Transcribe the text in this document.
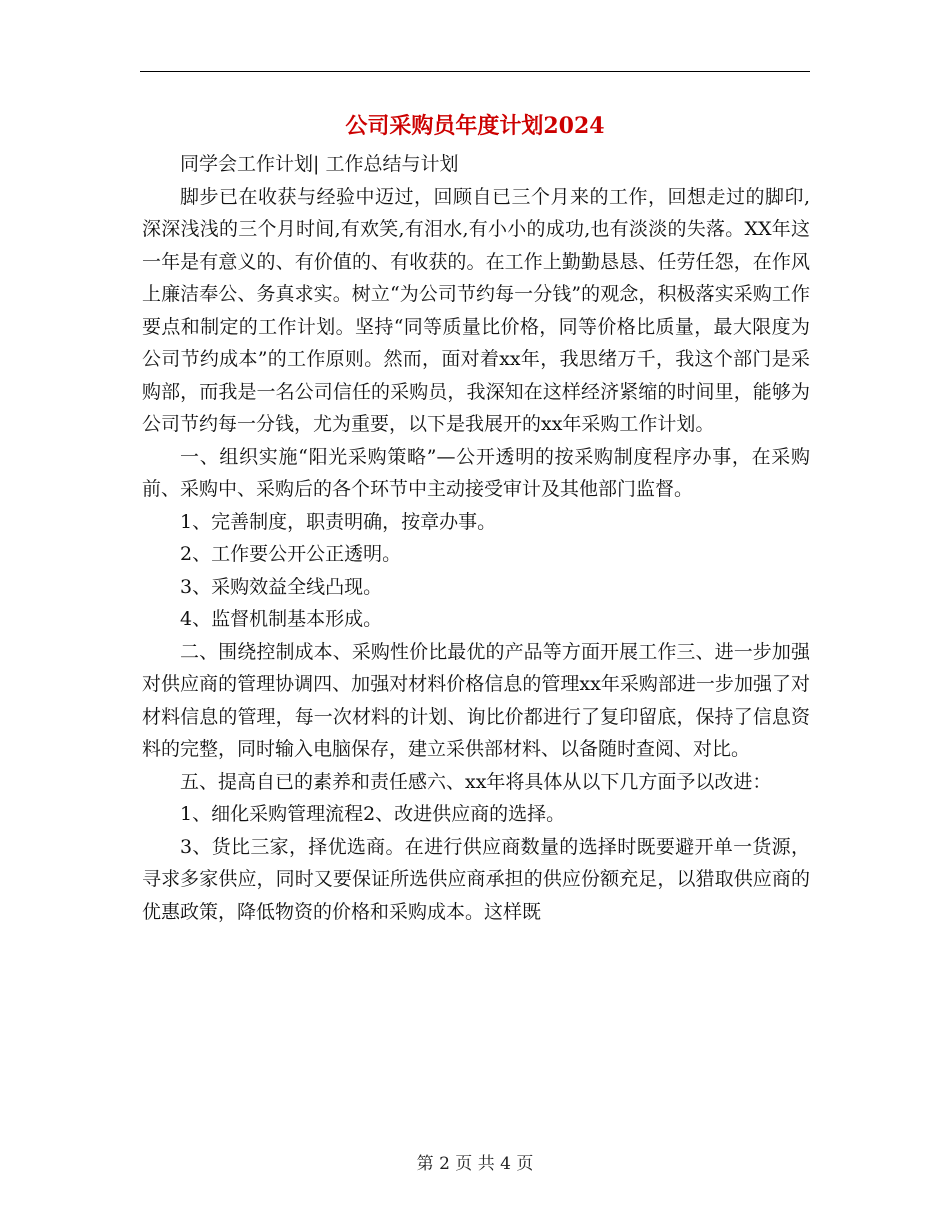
公司采购员年度计划2024

同学会工作计划| 工作总结与计划

脚步已在收获与经验中迈过，回顾自已三个月来的工作，回想走过的脚印,深深浅浅的三个月时间,有欢笑,有泪水,有小小的成功,也有淡淡的失落。XX年这一年是有意义的、有价值的、有收获的。在工作上勤勤恳恳、任劳任怨，在作风上廉洁奉公、务真求实。树立“为公司节约每一分钱”的观念，积极落实采购工作要点和制定的工作计划。坚持“同等质量比价格，同等价格比质量，最大限度为公司节约成本”的工作原则。然而，面对着xx年，我思绪万千，我这个部门是采购部，而我是一名公司信任的采购员，我深知在这样经济紧缩的时间里，能够为公司节约每一分钱，尤为重要，以下是我展开的xx年采购工作计划。

一、组织实施“阳光采购策略”—公开透明的按采购制度程序办事，在采购前、采购中、采购后的各个环节中主动接受审计及其他部门监督。

1、完善制度，职责明确，按章办事。

2、工作要公开公正透明。

3、采购效益全线凸现。

4、监督机制基本形成。

二、围绕控制成本、采购性价比最优的产品等方面开展工作三、进一步加强对供应商的管理协调四、加强对材料价格信息的管理xx年采购部进一步加强了对材料信息的管理，每一次材料的计划、询比价都进行了复印留底，保持了信息资料的完整，同时输入电脑保存，建立采供部材料、以备随时查阅、对比。

五、提高自已的素养和责任感六、xx年将具体从以下几方面予以改进：

1、细化采购管理流程2、改进供应商的选择。

3、货比三家，择优选商。在进行供应商数量的选择时既要避开单一货源，寻求多家供应，同时又要保证所选供应商承担的供应份额充足，以猎取供应商的优惠政策，降低物资的价格和采购成本。这样既

第 2 页 共 4 页
